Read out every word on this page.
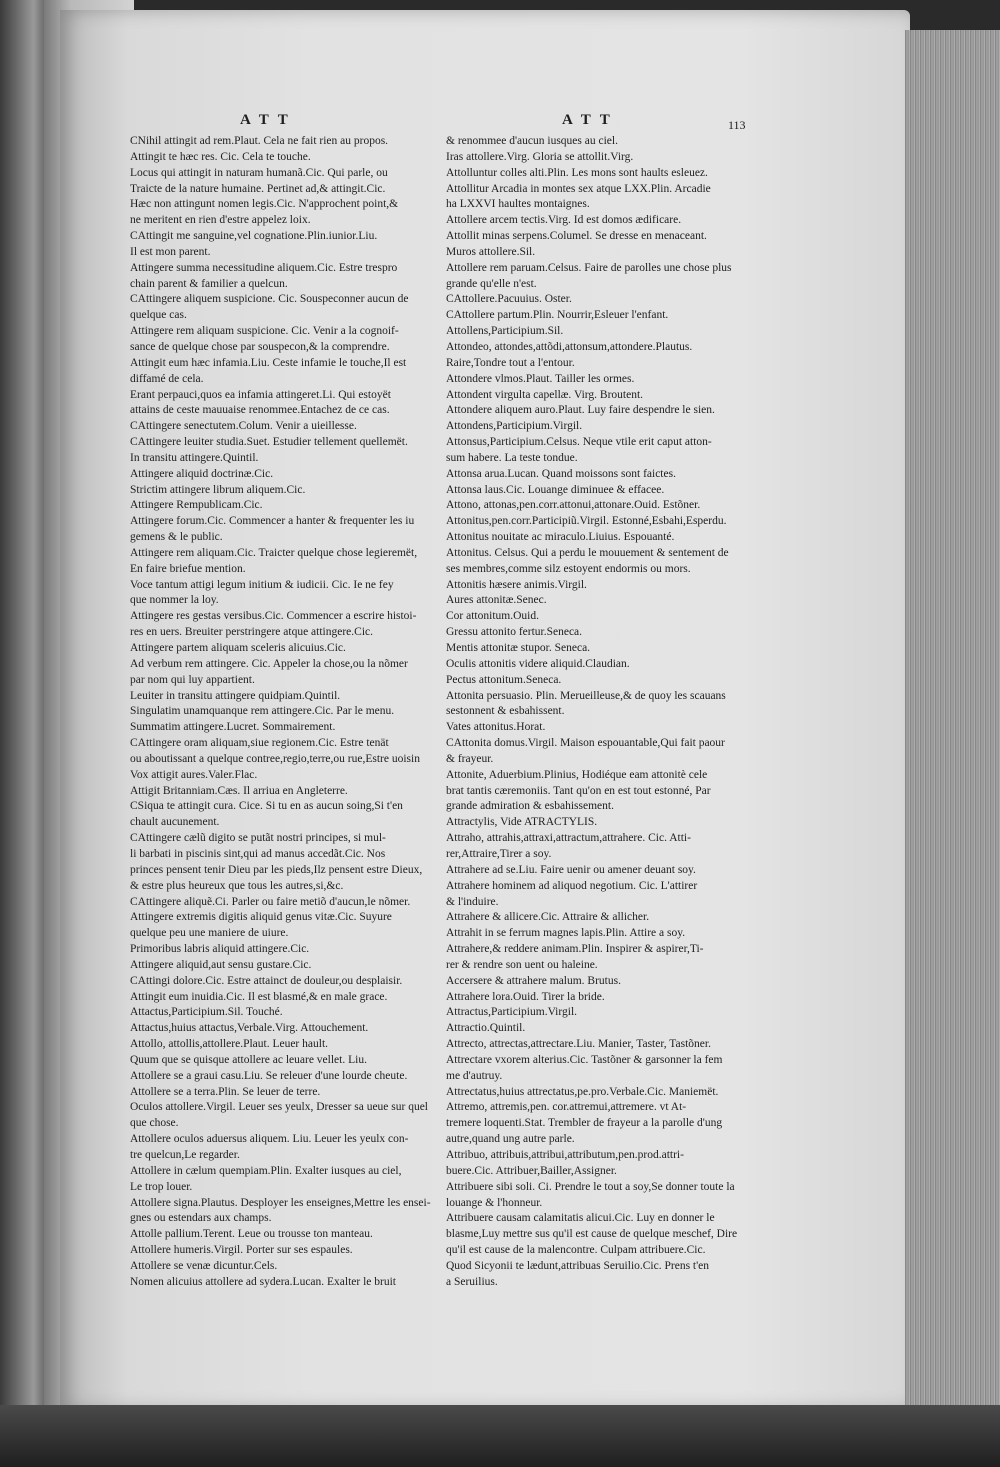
ATT	ATT	113
CNihil attingit ad rem.Plaut. Cela ne fait rien au propos.
Attingit te hæc res. Cic. Cela te touche.
Locus qui attingit in naturam humanã.Cic. Qui parle, ou
Traicte de la nature humaine. Pertinet ad,& attingit.Cic.
Hæc non attingunt nomen legis.Cic. N'approchent point,&
ne meritent en rien d'estre appelez loix.
CAttingit me sanguine,vel cognatione.Plin.iunior.Liu.
Il est mon parent.
Attingere summa necessitudine aliquem.Cic. Estre trespro
chain parent & familier a quelcun.
CAttingere aliquem suspicione. Cic. Souspeconner aucun de
quelque cas.
Attingere rem aliquam suspicione. Cic. Venir a la cognoif-
sance de quelque chose par souspecon,& la comprendre.
Attingit eum hæc infamia.Liu. Ceste infamie le touche,Il est
diffamé de cela.
Erant perpauci,quos ea infamia attingeret.Li. Qui estoyët
attains de ceste mauuaise renommee.Entachez de ce cas.
CAttingere senectutem.Colum. Venir a uieillesse.
CAttingere leuiter studia.Suet. Estudier tellement quellemët.
In transitu attingere.Quintil.
Attingere aliquid doctrinæ.Cic.
Strictim attingere librum aliquem.Cic.
Attingere Rempublicam.Cic.
Attingere forum.Cic. Commencer a hanter & frequenter les iu
gemens & le public.
Attingere rem aliquam.Cic. Traicter quelque chose legieremët,
En faire briefue mention.
Voce tantum attigi legum initium & iudicii. Cic. Ie ne fey
que nommer la loy.
Attingere res gestas versibus.Cic. Commencer a escrire histoi-
res en uers. Breuiter perstringere atque attingere.Cic.
Attingere partem aliquam sceleris alicuius.Cic.
Ad verbum rem attingere. Cic. Appeler la chose,ou la nõmer
par nom qui luy appartient.
Leuiter in transitu attingere quidpiam.Quintil.
Singulatim unamquanque rem attingere.Cic. Par le menu.
Summatim attingere.Lucret. Sommairement.
CAttingere oram aliquam,siue regionem.Cic. Estre tenät
ou aboutissant a quelque contree,regio,terre,ou rue,Estre uoisin
Vox attigit aures.Valer.Flac.
Attigit Britanniam.Cæs. Il arriua en Angleterre.
CSiqua te attingit cura. Cice. Si tu en as aucun soing,Si t'en
chault aucunement.
CAttingere cælũ digito se putãt nostri principes, si mul-
li barbati in piscinis sint,qui ad manus accedãt.Cic. Nos
princes pensent tenir Dieu par les pieds,Ilz pensent estre Dieux,
& estre plus heureux que tous les autres,si,&c.
CAttingere aliquẽ.Ci. Parler ou faire metiõ d'aucun,le nõmer.
Attingere extremis digitis aliquid genus vitæ.Cic. Suyure
quelque peu une maniere de uiure.
Primoribus labris aliquid attingere.Cic.
Attingere aliquid,aut sensu gustare.Cic.
CAttingi dolore.Cic. Estre attainct de douleur,ou desplaisir.
Attingit eum inuidia.Cic. Il est blasmé,& en male grace.
Attactus,Participium.Sil. Touché.
Attactus,huius attactus,Verbale.Virg. Attouchement.
Attollo, attollis,attollere.Plaut. Leuer hault.
Quum que se quisque attollere ac leuare vellet. Liu.
Attollere se a graui casu.Liu. Se releuer d'une lourde cheute.
Attollere se a terra.Plin. Se leuer de terre.
Oculos attollere.Virgil. Leuer ses yeulx, Dresser sa ueue sur quel
que chose.
Attollere oculos aduersus aliquem. Liu. Leuer les yeulx con-
tre quelcun,Le regarder.
Attollere in cælum quempiam.Plin. Exalter iusques au ciel,
Le trop louer.
Attollere signa.Plautus. Desployer les enseignes,Mettre les ensei-
gnes ou estendars aux champs.
Attolle pallium.Terent. Leue ou trousse ton manteau.
Attollere humeris.Virgil. Porter sur ses espaules.
Attollere se venæ dicuntur.Cels.
Nomen alicuius attollere ad sydera.Lucan. Exalter le bruit
& renommee d'aucun iusques au ciel.
Iras attollere.Virg. Gloria se attollit.Virg.
Attolluntur colles alti.Plin. Les mons sont haults esleuez.
Attollitur Arcadia in montes sex atque LXX.Plin. Arcadie
ha LXXVI haultes montaignes.
Attollere arcem tectis.Virg. Id est domos ædificare.
Attollit minas serpens.Columel. Se dresse en menaceant.
Muros attollere.Sil.
Attollere rem paruam.Celsus. Faire de parolles une chose plus
grande qu'elle n'est.
CAttollere.Pacuuius. Oster.
CAttollere partum.Plin. Nourrir,Esleuer l'enfant.
Attollens,Participium.Sil.
Attondeo, attondes,attõdi,attonsum,attondere.Plautus.
Raire,Tondre tout a l'entour.
Attondere vlmos.Plaut. Tailler les ormes.
Attondent virgulta capellæ. Virg. Broutent.
Attondere aliquem auro.Plaut. Luy faire despendre le sien.
Attondens,Participium.Virgil.
Attonsus,Participium.Celsus. Neque vtile erit caput atton-
sum habere. La teste tondue.
Attonsa arua.Lucan. Quand moissons sont faictes.
Attonsa laus.Cic. Louange diminuee & effacee.
Attono, attonas,pen.corr.attonui,attonare.Ouid. Estõner.
Attonitus,pen.corr.Participiũ.Virgil. Estonné,Esbahi,Esperdu.
Attonitus nouitate ac miraculo.Liuius. Espouanté.
Attonitus. Celsus. Qui a perdu le mouuement & sentement de
ses membres,comme silz estoyent endormis ou mors.
Attonitis hæsere animis.Virgil.
Aures attonitæ.Senec.
Cor attonitum.Ouid.
Gressu attonito fertur.Seneca.
Mentis attonitæ stupor. Seneca.
Oculis attonitis videre aliquid.Claudian.
Pectus attonitum.Seneca.
Attonita persuasio. Plin. Merueilleuse,& de quoy les scauans
sestonnent & esbahissent.
Vates attonitus.Horat.
CAttonita domus.Virgil. Maison espouantable,Qui fait paour
& frayeur.
Attonite, Aduerbium.Plinius, Hodiéque eam attonitè cele
brat tantis cæremoniis. Tant qu'on en est tout estonné, Par
grande admiration & esbahissement.
Attractylis, Vide ATRACTYLIS.
Attraho, attrahis,attraxi,attractum,attrahere. Cic. Atti-
rer,Attraire,Tirer a soy.
Attrahere ad se.Liu. Faire uenir ou amener deuant soy.
Attrahere hominem ad aliquod negotium. Cic. L'attirer
& l'induire.
Attrahere & allicere.Cic. Attraire & allicher.
Attrahit in se ferrum magnes lapis.Plin. Attire a soy.
Attrahere,& reddere animam.Plin. Inspirer & aspirer,Ti-
rer & rendre son uent ou haleine.
Accersere & attrahere malum. Brutus.
Attrahere lora.Ouid. Tirer la bride.
Attractus,Participium.Virgil.
Attractio.Quintil.
Attrecto, attrectas,attrectare.Liu. Manier, Taster, Tastõner.
Attrectare vxorem alterius.Cic. Tastõner & garsonner la fem
me d'autruy.
Attrectatus,huius attrectatus,pe.pro.Verbale.Cic. Maniemët.
Attremo, attremis,pen. cor.attremui,attremere. vt At-
tremere loquenti.Stat. Trembler de frayeur a la parolle d'ung
autre,quand ung autre parle.
Attribuo, attribuis,attribui,attributum,pen.prod.attri-
buere.Cic. Attribuer,Bailler,Assigner.
Attribuere sibi soli. Ci. Prendre le tout a soy,Se donner toute la
louange & l'honneur.
Attribuere causam calamitatis alicui.Cic. Luy en donner le
blasme,Luy mettre sus qu'il est cause de quelque meschef, Dire
qu'il est cause de la malencontre. Culpam attribuere.Cic.
Quod Sicyonii te lædunt,attribuas Seruilio.Cic. Prens t'en
a Seruilius.
